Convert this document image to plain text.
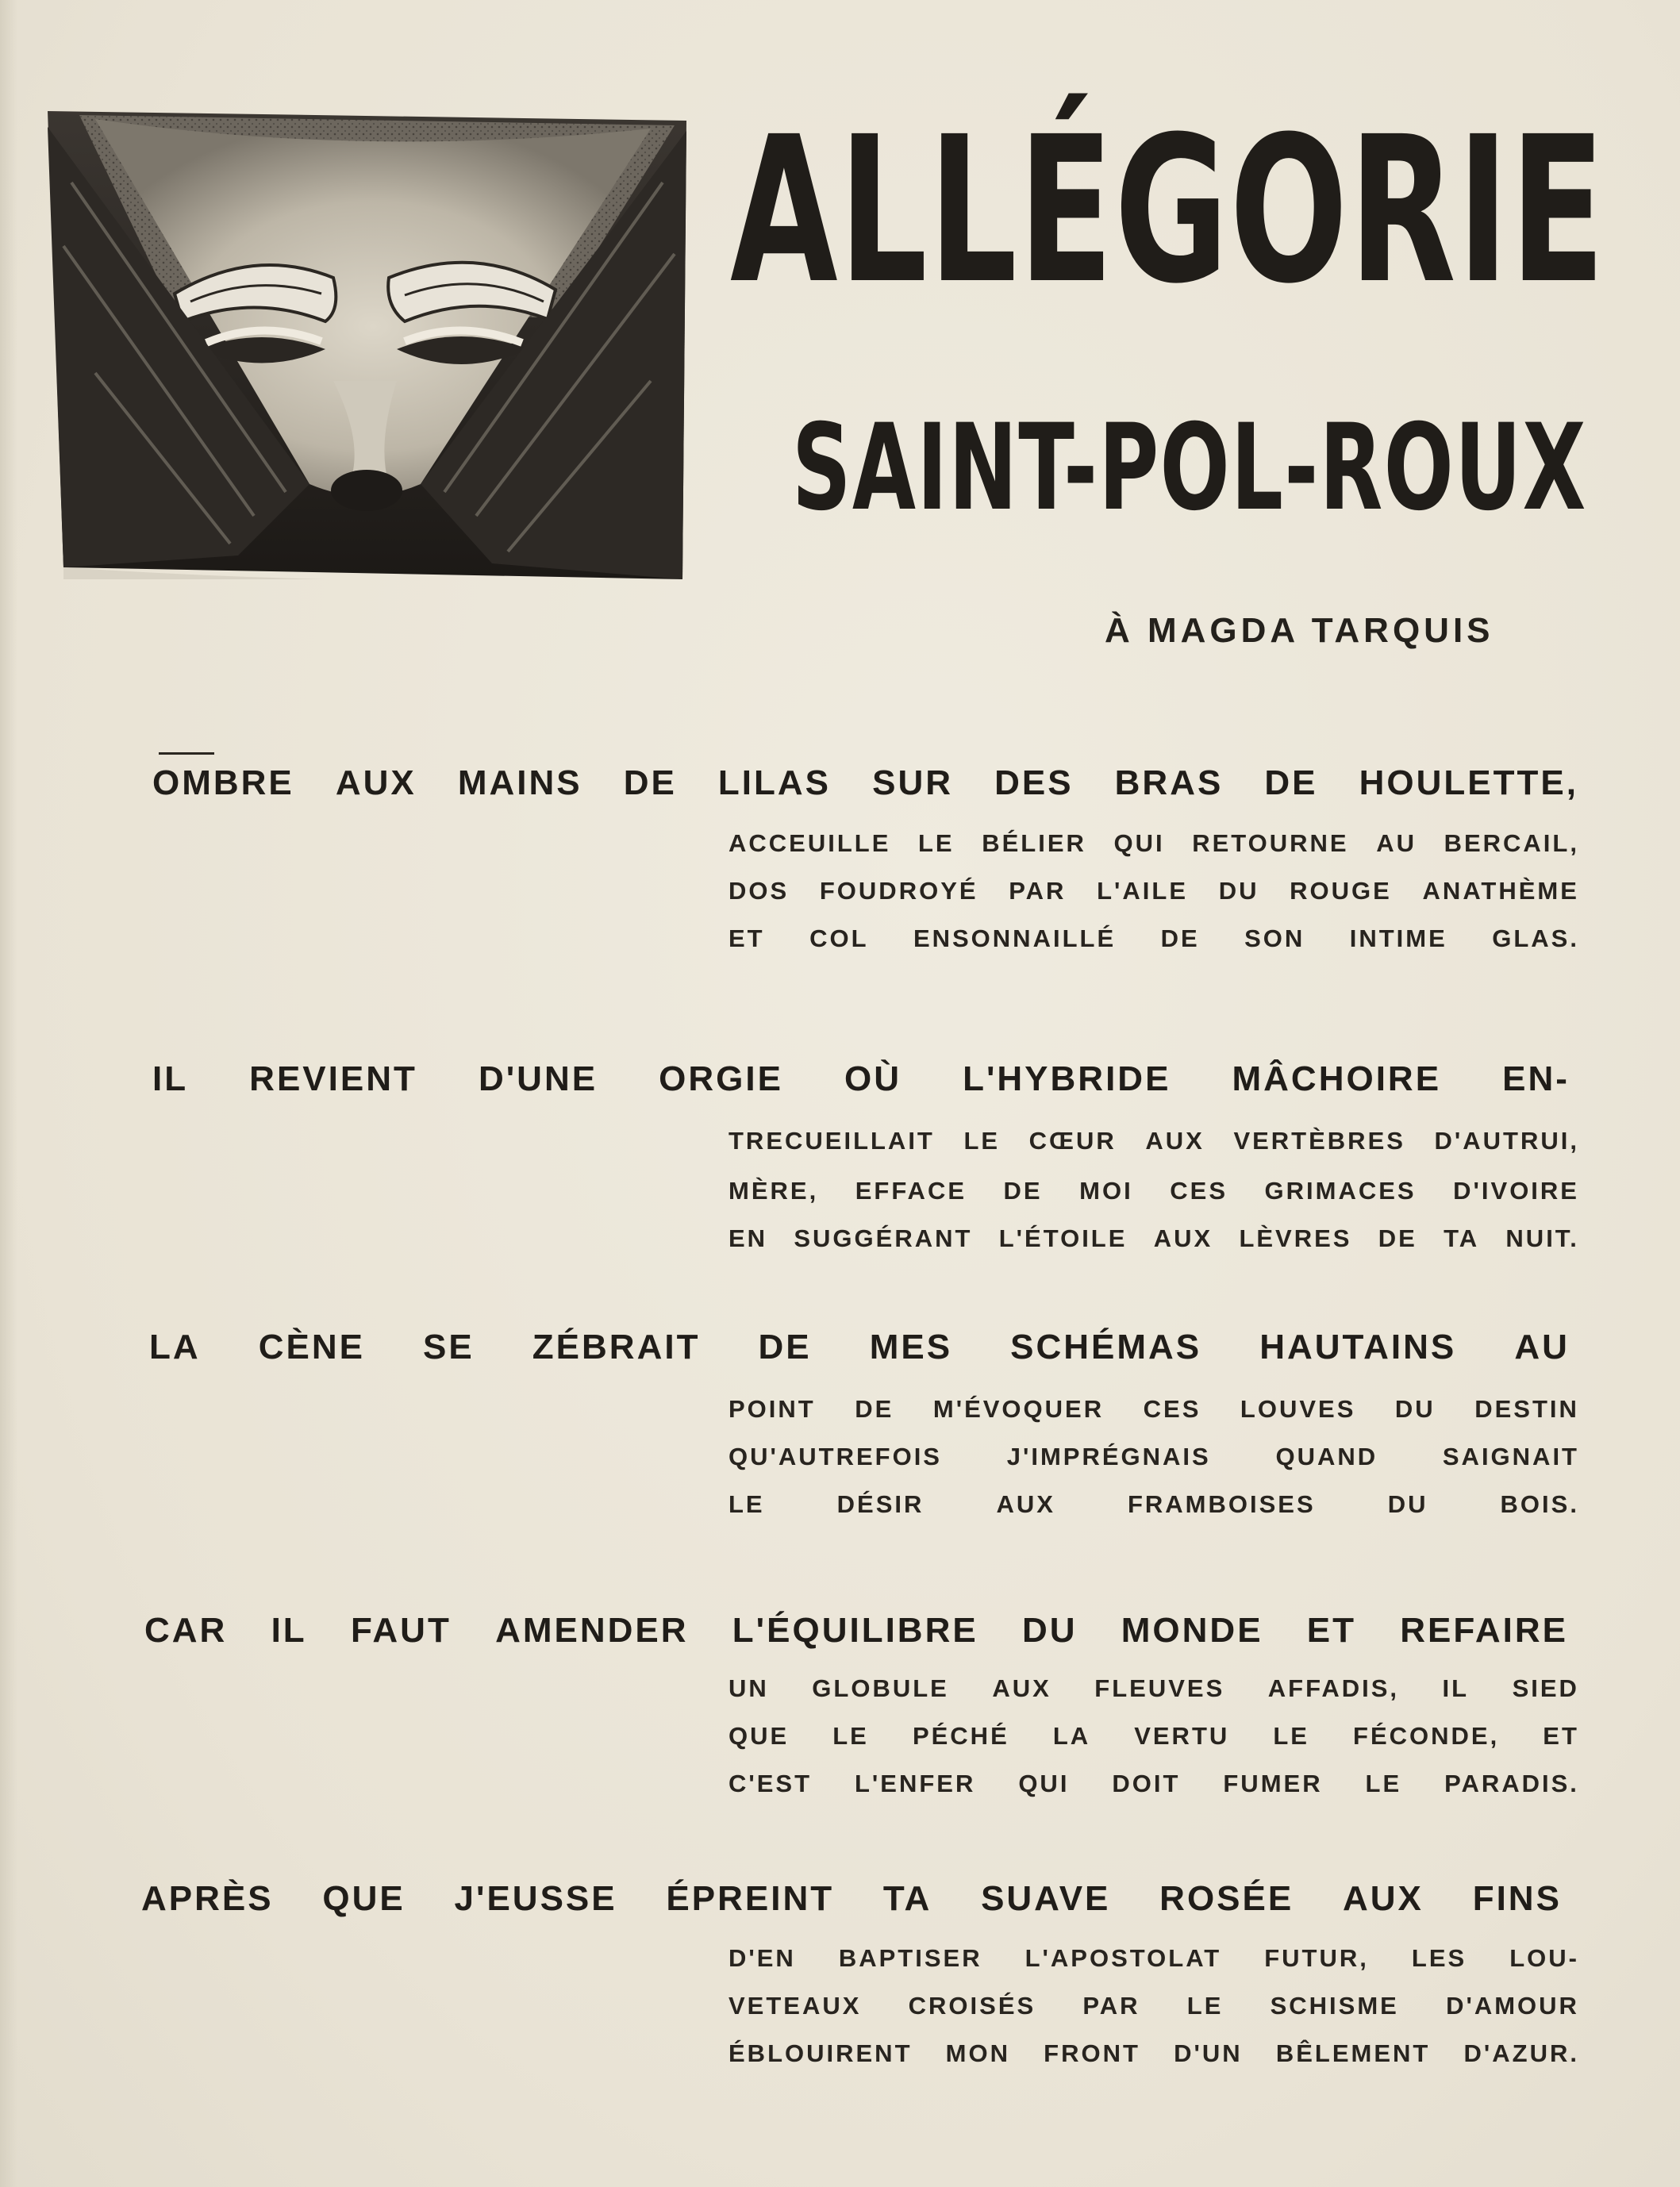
ALLÉGORIE
SAINT-POL-ROUX
À MAGDA TARQUIS
OMBRE AUX MAINS DE LILAS SUR DES BRAS DE HOULETTE,
ACCEUILLE LE BÉLIER QUI RETOURNE AU BERCAIL,
DOS FOUDROYÉ PAR L'AILE DU ROUGE ANATHÈME
ET COL ENSONNAILLÉ DE SON INTIME GLAS.
IL REVIENT D'UNE ORGIE OÙ L'HYBRIDE MÂCHOIRE EN-
TRECUEILLAIT LE CŒUR AUX VERTÈBRES D'AUTRUI,
MÈRE, EFFACE DE MOI CES GRIMACES D'IVOIRE
EN SUGGÉRANT L'ÉTOILE AUX LÈVRES DE TA NUIT.
LA CÈNE SE ZÉBRAIT DE MES SCHÉMAS HAUTAINS AU
POINT DE M'ÉVOQUER CES LOUVES DU DESTIN
QU'AUTREFOIS	J'IMPRÉGNAIS	QUAND	SAIGNAIT
LE	DÉSIR	AUX	FRAMBOISES	DU	BOIS.
CAR IL FAUT AMENDER L'ÉQUILIBRE DU MONDE ET REFAIRE
UN GLOBULE AUX FLEUVES AFFADIS, IL SIED
QUE LE PÉCHÉ LA VERTU LE FÉCONDE, ET
C'EST L'ENFER QUI DOIT FUMER LE PARADIS.
APRÈS QUE J'EUSSE ÉPREINT TA SUAVE ROSÉE AUX FINS
D'EN BAPTISER L'APOSTOLAT FUTUR, LES LOU-
VETEAUX CROISÉS PAR LE SCHISME D'AMOUR
ÉBLOUIRENT MON FRONT D'UN BÊLEMENT D'AZUR.
